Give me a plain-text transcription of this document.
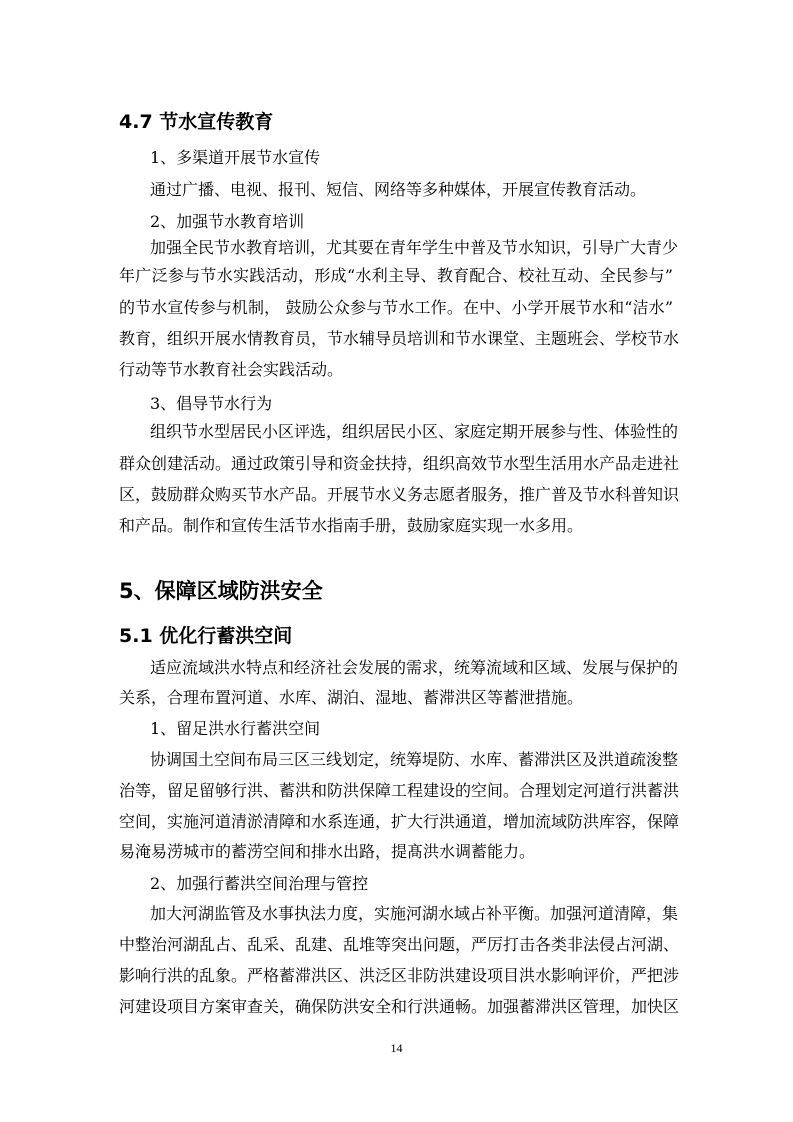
4.7 节水宣传教育
1、多渠道开展节水宣传
通过广播、电视、报刊、短信、网络等多种媒体，开展宣传教育活动。
2、加强节水教育培训
加强全民节水教育培训，尤其要在青年学生中普及节水知识，引导广大青少
年广泛参与节水实践活动，形成“水利主导、教育配合、校社互动、全民参与”
的节水宣传参与机制， 鼓励公众参与节水工作。在中、小学开展节水和“洁水”
教育，组织开展水情教育员，节水辅导员培训和节水课堂、主题班会、学校节水
行动等节水教育社会实践活动。
3、倡导节水行为
组织节水型居民小区评选，组织居民小区、家庭定期开展参与性、体验性的
群众创建活动。通过政策引导和资金扶持，组织高效节水型生活用水产品走进社
区，鼓励群众购买节水产品。开展节水义务志愿者服务，推广普及节水科普知识
和产品。制作和宣传生活节水指南手册，鼓励家庭实现一水多用。
5、保障区域防洪安全
5.1 优化行蓄洪空间
适应流域洪水特点和经济社会发展的需求，统筹流域和区域、发展与保护的
关系，合理布置河道、水库、湖泊、湿地、蓄滞洪区等蓄泄措施。
1、留足洪水行蓄洪空间
协调国土空间布局三区三线划定，统筹堤防、水库、蓄滞洪区及洪道疏浚整
治等，留足留够行洪、蓄洪和防洪保障工程建设的空间。合理划定河道行洪蓄洪
空间，实施河道清淤清障和水系连通，扩大行洪通道，增加流域防洪库容，保障
易淹易涝城市的蓄涝空间和排水出路，提髙洪水调蓄能力。
2、加强行蓄洪空间治理与管控
加大河湖监管及水事执法力度，实施河湖水域占补平衡。加强河道清障，集
中整治河湖乱占、乱采、乱建、乱堆等突出问题，严厉打击各类非法侵占河湖、
影响行洪的乱象。严格蓄滞洪区、洪泛区非防洪建设项目洪水影响评价，严把涉
河建设项目方案审查关，确保防洪安全和行洪通畅。加强蓄滞洪区管理，加快区
14
